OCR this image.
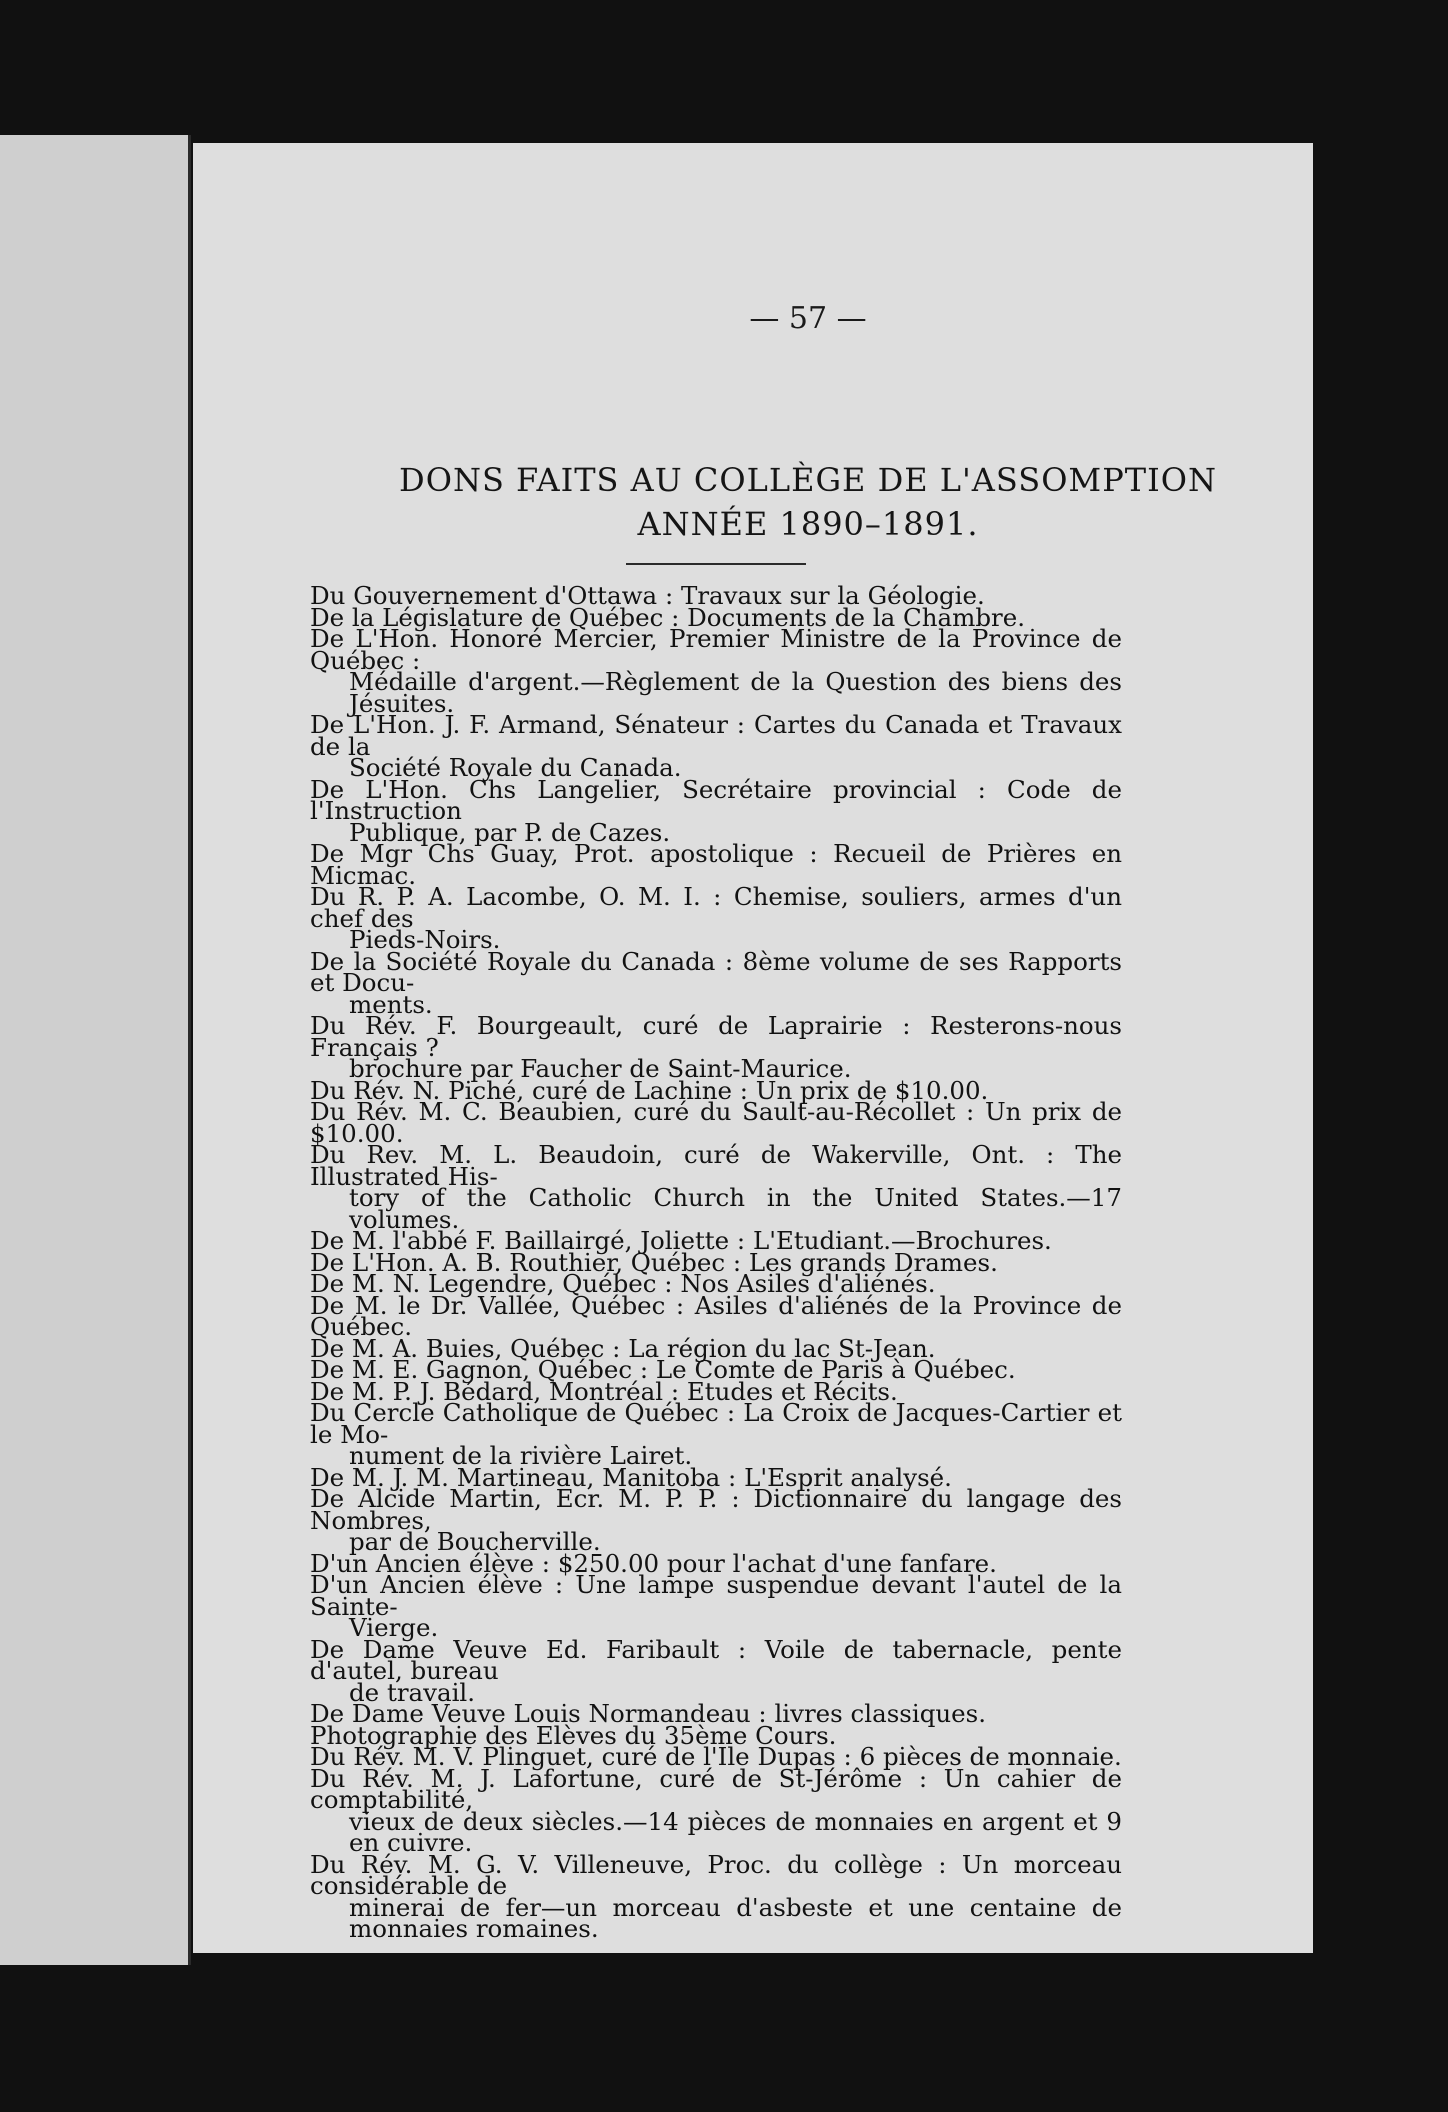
— 57 —
DONS FAITS AU COLLÈGE DE L'ASSOMPTION
ANNÉE 1890–1891.
Du Gouvernement d'Ottawa : Travaux sur la Géologie.
De la Législature de Québec : Documents de la Chambre.
De L'Hon. Honoré Mercier, Premier Ministre de la Province de Québec :
Médaille d'argent.—Règlement de la Question des biens des Jésuites.
De L'Hon. J. F. Armand, Sénateur : Cartes du Canada et Travaux de la
Société Royale du Canada.
De L'Hon. Chs Langelier, Secrétaire provincial : Code de l'Instruction
Publique, par P. de Cazes.
De Mgr Chs Guay, Prot. apostolique : Recueil de Prières en Micmac.
Du R. P. A. Lacombe, O. M. I. : Chemise, souliers, armes d'un chef des
Pieds-Noirs.
De la Société Royale du Canada : 8ème volume de ses Rapports et Docu-
ments.
Du Rév. F. Bourgeault, curé de Laprairie : Resterons-nous Français ?
brochure par Faucher de Saint-Maurice.
Du Rév. N. Piché, curé de Lachine : Un prix de $10.00.
Du Rév. M. C. Beaubien, curé du Sault-au-Récollet : Un prix de $10.00.
Du Rev. M. L. Beaudoin, curé de Wakerville, Ont. : The Illustrated His-
tory of the Catholic Church in the United States.—17 volumes.
De M. l'abbé F. Baillairgé, Joliette : L'Etudiant.—Brochures.
De L'Hon. A. B. Routhier, Québec : Les grands Drames.
De M. N. Legendre, Québec : Nos Asiles d'aliénés.
De M. le Dr. Vallée, Québec : Asiles d'aliénés de la Province de Québec.
De M. A. Buies, Québec : La région du lac St-Jean.
De M. E. Gagnon, Québec : Le Comte de Paris à Québec.
De M. P. J. Bédard, Montréal : Etudes et Récits.
Du Cercle Catholique de Québec : La Croix de Jacques-Cartier et le Mo-
nument de la rivière Lairet.
De M. J. M. Martineau, Manitoba : L'Esprit analysé.
De Alcide Martin, Ecr. M. P. P. : Dictionnaire du langage des Nombres,
par de Boucherville.
D'un Ancien élève : $250.00 pour l'achat d'une fanfare.
D'un Ancien élève : Une lampe suspendue devant l'autel de la Sainte-
Vierge.
De Dame Veuve Ed. Faribault : Voile de tabernacle, pente d'autel, bureau
de travail.
De Dame Veuve Louis Normandeau : livres classiques.
Photographie des Elèves du 35ème Cours.
Du Rév. M. V. Plinguet, curé de l'Ile Dupas : 6 pièces de monnaie.
Du Rév. M. J. Lafortune, curé de St-Jérôme : Un cahier de comptabilité,
vieux de deux siècles.—14 pièces de monnaies en argent et 9 en cuivre.
Du Rév. M. G. V. Villeneuve, Proc. du collège : Un morceau considérable de
minerai de fer—un morceau d'asbeste et une centaine de monnaies romaines.
